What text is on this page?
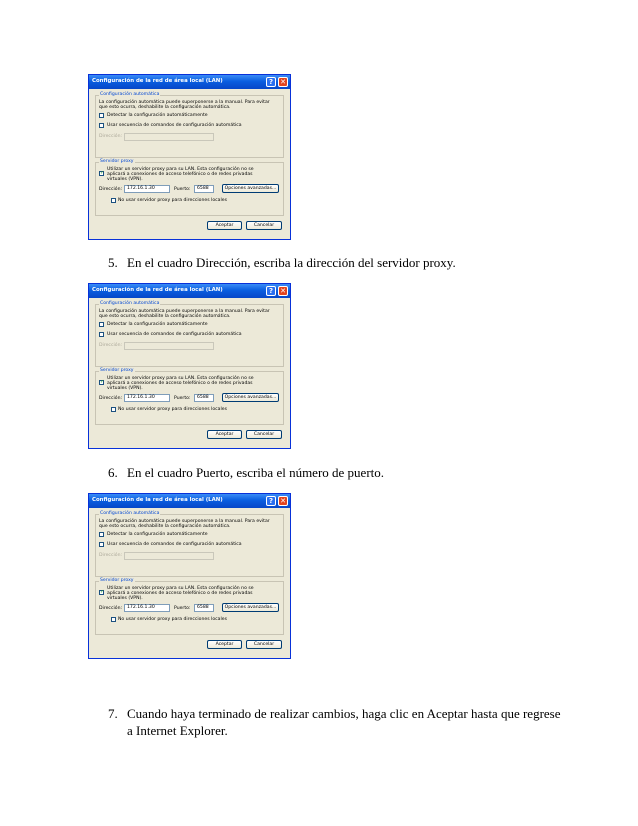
Configuración de la red de área local (LAN)	?	✕
Configuración automática
La configuración automática puede superponerse a la manual. Para evitar
que esto ocurra, deshabilite la configuración automática.
Detectar la configuración automáticamente
Usar secuencia de comandos de configuración automática
Dirección:
Servidor proxy
✓
Utilizar un servidor proxy para su LAN. Esta configuración no se
aplicará a conexiones de acceso telefónico o de redes privadas
virtuales (VPN).
Dirección:	172.16.1.30	Puerto:	6588	Opciones avanzadas...
No usar servidor proxy para direcciones locales
Aceptar	Cancelar
Configuración de la red de área local (LAN)	?	✕
Configuración automática
La configuración automática puede superponerse a la manual. Para evitar
que esto ocurra, deshabilite la configuración automática.
Detectar la configuración automáticamente
Usar secuencia de comandos de configuración automática
Dirección:
Servidor proxy
✓
Utilizar un servidor proxy para su LAN. Esta configuración no se
aplicará a conexiones de acceso telefónico o de redes privadas
virtuales (VPN).
Dirección:	172.16.1.30	Puerto:	6588	Opciones avanzadas...
No usar servidor proxy para direcciones locales
Aceptar	Cancelar
Configuración de la red de área local (LAN)	?	✕
Configuración automática
La configuración automática puede superponerse a la manual. Para evitar
que esto ocurra, deshabilite la configuración automática.
Detectar la configuración automáticamente
Usar secuencia de comandos de configuración automática
Dirección:
Servidor proxy
✓
Utilizar un servidor proxy para su LAN. Esta configuración no se
aplicará a conexiones de acceso telefónico o de redes privadas
virtuales (VPN).
Dirección:	172.16.1.30	Puerto:	6588	Opciones avanzadas...
No usar servidor proxy para direcciones locales
Aceptar	Cancelar
5. En el cuadro Dirección, escriba la dirección del servidor proxy.
6. En el cuadro Puerto, escriba el número de puerto.
7. Cuando haya terminado de realizar cambios, haga clic en Aceptar hasta que regrese
a Internet Explorer.
